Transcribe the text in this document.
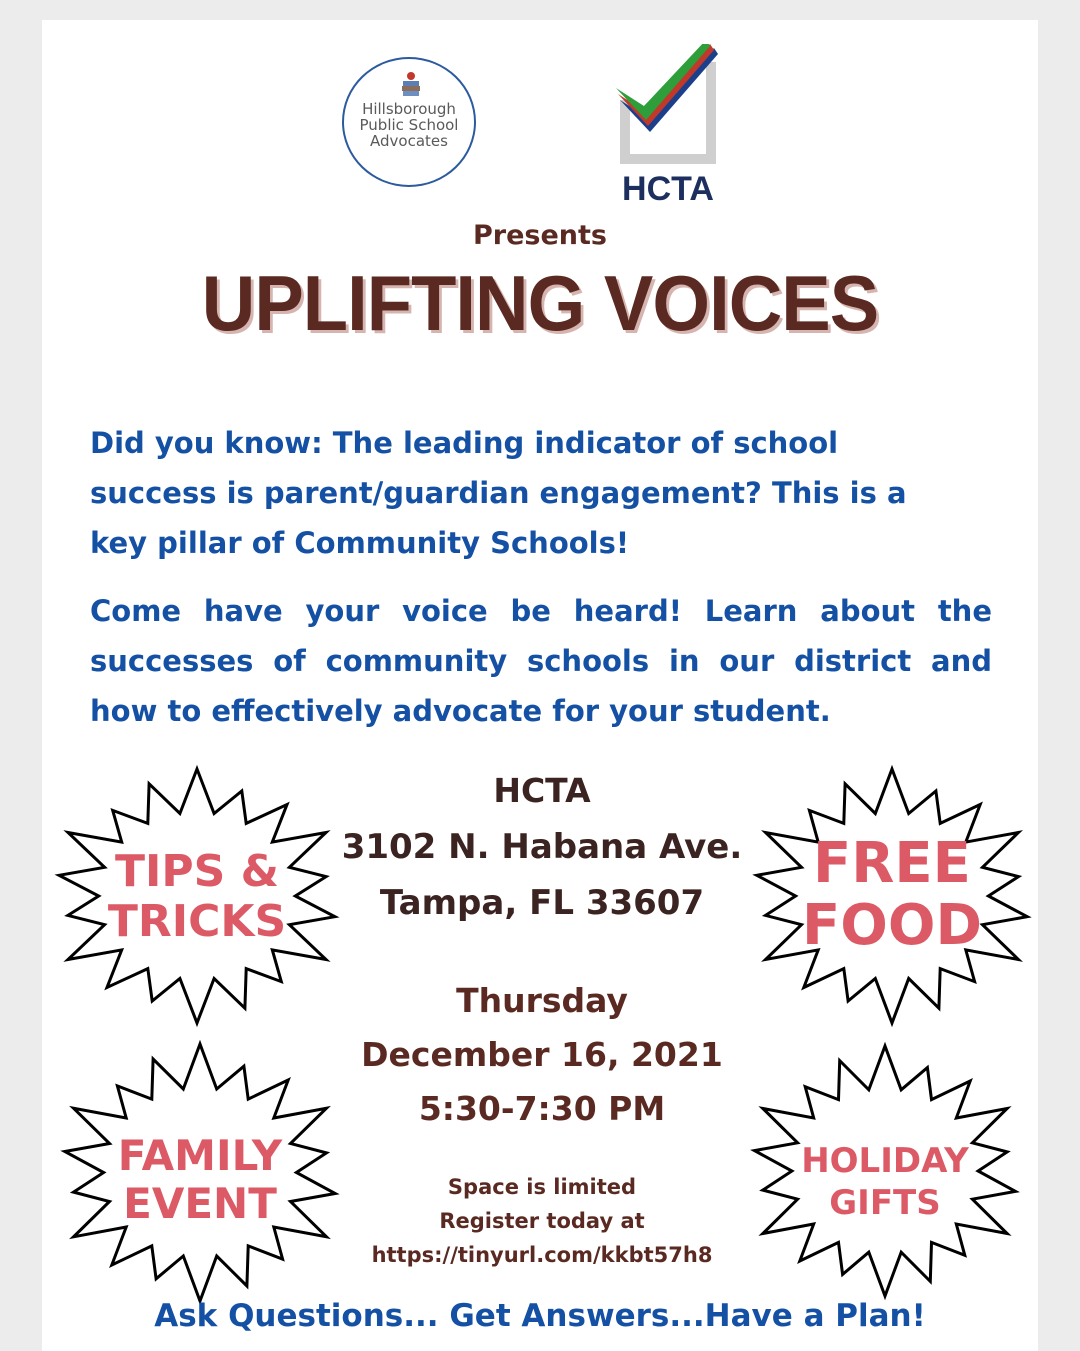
Hillsborough
Public School
Advocates
HCTA
Presents
UPLIFTING VOICES
Did you know: The leading indicator of school
success is parent/guardian engagement? This is a
key pillar of Community Schools!
Come have your voice be heard! Learn about the successes of community schools in our district and how to effectively advocate for your student.
HCTA
3102 N. Habana Ave.
Tampa, FL 33607
Thursday
December 16, 2021
5:30-7:30 PM
Space is limited
Register today at
https://tinyurl.com/kkbt57h8
TIPS &
TRICKS
FREE
FOOD
FAMILY
EVENT
HOLIDAY
GIFTS
Ask Questions... Get Answers...Have a Plan!
